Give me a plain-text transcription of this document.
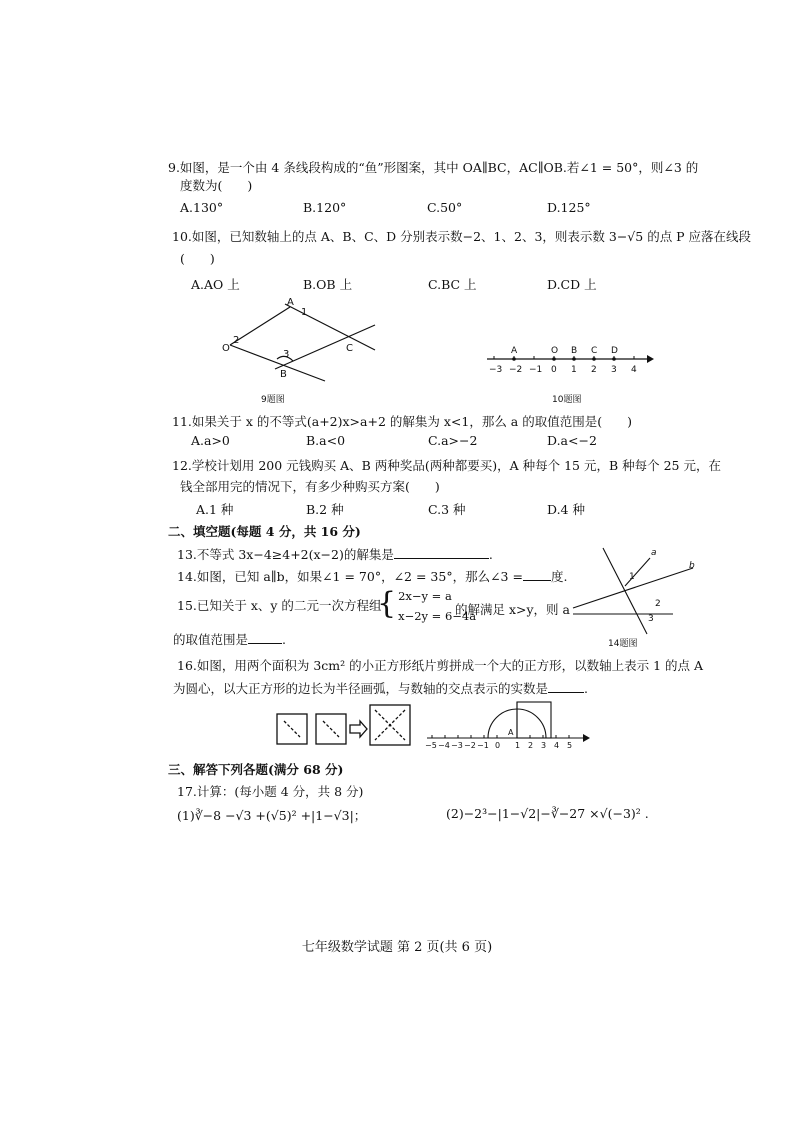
9.如图，是一个由 4 条线段构成的“鱼”形图案，其中 OA∥BC，AC∥OB.若∠1 = 50°，则∠3 的
度数为(　　)
A.130°	B.120°	C.50°	D.125°
10.如图，已知数轴上的点 A、B、C、D 分别表示数−2、1、2、3，则表示数 3−√5 的点 P 应落在线段
(　　)
A.AO 上	B.OB 上	C.BC 上	D.CD 上
A
1
2
O
3
C
B
9题图
A	O B C D
−3 −2 −1 0 1 2 3 4
10题图
11.如果关于 x 的不等式(a+2)x>a+2 的解集为 x<1，那么 a 的取值范围是(　　)
A.a>0	B.a<0	C.a>−2	D.a<−2
12.学校计划用 200 元钱购买 A、B 两种奖品(两种都要买)，A 种每个 15 元，B 种每个 25 元，在
钱全部用完的情况下，有多少种购买方案(　　)
A.1 种	B.2 种	C.3 种	D.4 种
二、填空题(每题 4 分，共 16 分)
13.不等式 3x−4≥4+2(x−2)的解集是	.
14.如图，已知 a∥b，如果∠1 = 70°，∠2 = 35°，那么∠3 = 度.
a
b
1
2
3
14题图
15.已知关于 x、y 的二元一次方程组
{ 2x−y = a
x−2y = 6−4a
的解满足 x>y，则 a
的取值范围是	.
16.如图，用两个面积为 3cm² 的小正方形纸片剪拼成一个大的正方形，以数轴上表示 1 的点 A
为圆心，以大正方形的边长为半径画弧，与数轴的交点表示的实数是	.
A
−5 −4 −3 −2 −1 0 1 2 3 4 5
三、解答下列各题(满分 68 分)
17.计算：(每小题 4 分，共 8 分)
(1)∛−8 −√3 +(√5)² +|1−√3|；	(2)−2³−|1−√2|−∛−27 ×√(−3)² .
七年级数学试题 第 2 页(共 6 页)
